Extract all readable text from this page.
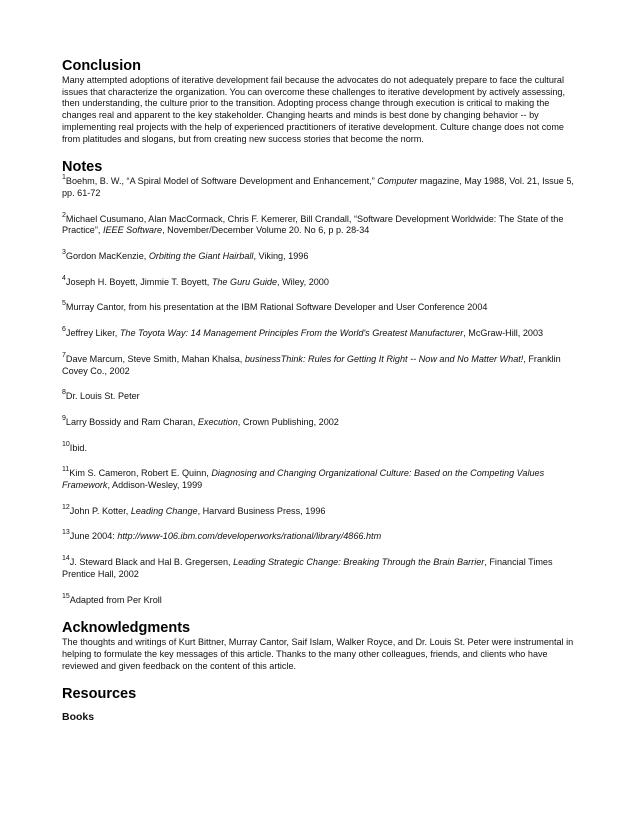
Conclusion

Many attempted adoptions of iterative development fail because the advocates do not adequately prepare to face the cultural issues that characterize the organization. You can overcome these challenges to iterative development by actively assessing, then understanding, the culture prior to the transition. Adopting process change through execution is critical to making the changes real and apparent to the key stakeholder. Changing hearts and minds is best done by changing behavior -- by implementing real projects with the help of experienced practitioners of iterative development. Culture change does not come from platitudes and slogans, but from creating new success stories that become the norm.

Notes

$^1$Boehm, B. W., “A Spiral Model of Software Development and Enhancement,” Computer magazine, May 1988, Vol. 21, Issue 5, pp. 61-72

$^2$Michael Cusumano, Alan MacCormack, Chris F. Kemerer, Bill Crandall, “Software Development Worldwide: The State of the Practice”, IEEE Software, November/December Volume 20. No 6, p p. 28-34

$^3$Gordon MacKenzie, Orbiting the Giant Hairball, Viking, 1996

$^4$Joseph H. Boyett, Jimmie T. Boyett, The Guru Guide, Wiley, 2000

$^5$Murray Cantor, from his presentation at the IBM Rational Software Developer and User Conference 2004

$^6$Jeffrey Liker, The Toyota Way: 14 Management Principles From the World's Greatest Manufacturer, McGraw-Hill, 2003

$^7$Dave Marcum, Steve Smith, Mahan Khalsa, businessThink: Rules for Getting It Right -- Now and No Matter What!, Franklin Covey Co., 2002

$^8$Dr. Louis St. Peter

$^9$Larry Bossidy and Ram Charan, Execution, Crown Publishing, 2002

$^{10}$Ibid.

$^{11}$Kim S. Cameron, Robert E. Quinn, Diagnosing and Changing Organizational Culture: Based on the Competing Values Framework, Addison-Wesley, 1999

$^{12}$John P. Kotter, Leading Change, Harvard Business Press, 1996

$^{13}$June 2004: http://www-106.ibm.com/developerworks/rational/library/4866.htm

$^{14}$J. Steward Black and Hal B. Gregersen, Leading Strategic Change: Breaking Through the Brain Barrier, Financial Times Prentice Hall, 2002

$^{15}$Adapted from Per Kroll

Acknowledgments

The thoughts and writings of Kurt Bittner, Murray Cantor, Saif Islam, Walker Royce, and Dr. Louis St. Peter were instrumental in helping to formulate the key messages of this article. Thanks to the many other colleagues, friends, and clients who have reviewed and given feedback on the content of this article.

Resources
Books
